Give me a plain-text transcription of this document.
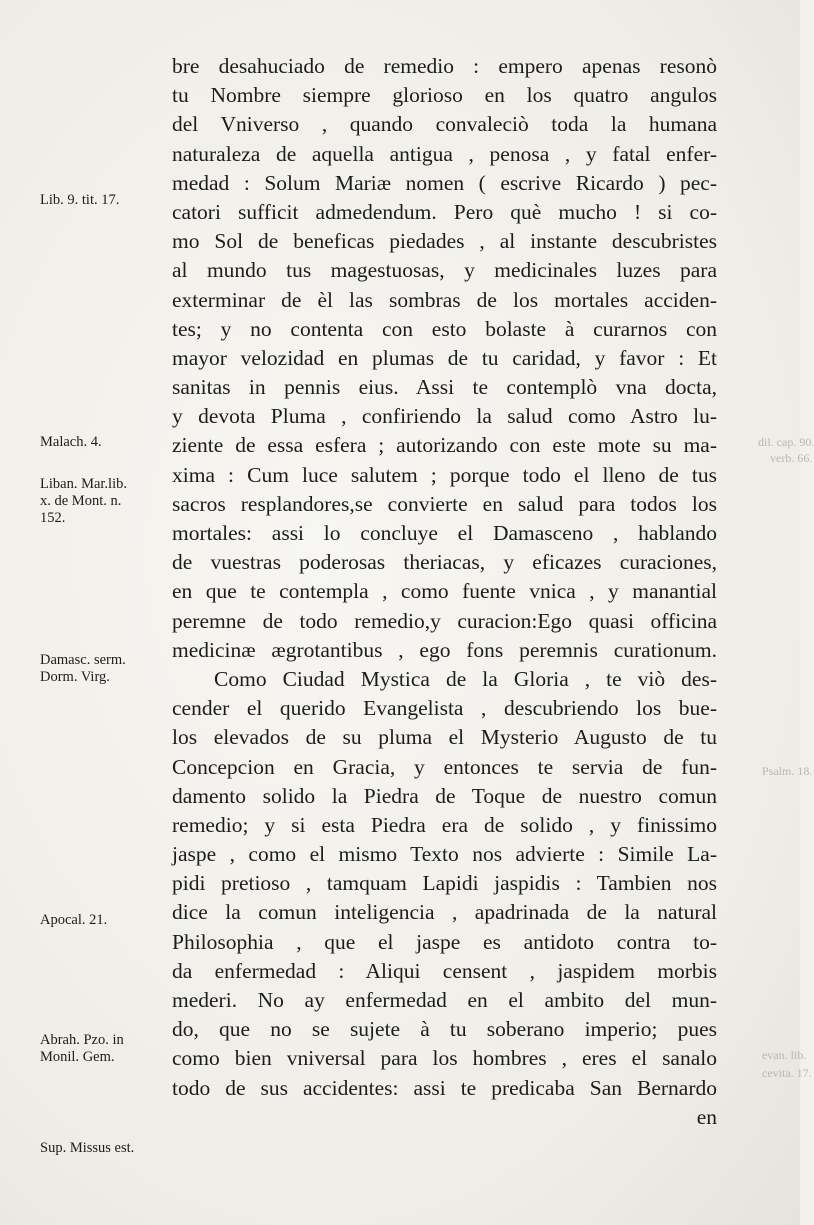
bre desahuciado de remedio : empero apenas resonò
tu Nombre siempre glorioso en los quatro angulos
del Vniverso , quando convaleciò toda la humana
naturaleza de aquella antigua , penosa , y fatal enfer-
medad : Solum Mariæ nomen ( escrive Ricardo ) pec-
catori sufficit admedendum. Pero què mucho ! si co-
mo Sol de beneficas piedades , al instante descubristes
al mundo tus magestuosas, y medicinales luzes para
exterminar de èl las sombras de los mortales acciden-
tes; y no contenta con esto bolaste à curarnos con
mayor velozidad en plumas de tu caridad, y favor : Et
sanitas in pennis eius. Assi te contemplò vna docta,
y devota Pluma , confiriendo la salud como Astro lu-
ziente de essa esfera ; autorizando con este mote su ma-
xima : Cum luce salutem ; porque todo el lleno de tus
sacros resplandores,se convierte en salud para todos los
mortales: assi lo concluye el Damasceno , hablando
de vuestras poderosas theriacas, y eficazes curaciones,
en que te contempla , como fuente vnica , y manantial
peremne de todo remedio,y curacion:Ego quasi officina
medicinæ ægrotantibus , ego fons peremnis curationum.
Como Ciudad Mystica de la Gloria , te viò des-
cender el querido Evangelista , descubriendo los bue-
los elevados de su pluma el Mysterio Augusto de tu
Concepcion en Gracia, y entonces te servia de fun-
damento solido la Piedra de Toque de nuestro comun
remedio; y si esta Piedra era de solido , y finissimo
jaspe , como el mismo Texto nos advierte : Simile La-
pidi pretioso , tamquam Lapidi jaspidis : Tambien nos
dice la comun inteligencia , apadrinada de la natural
Philosophia , que el jaspe es antidoto contra to-
da enfermedad : Aliqui censent , jaspidem morbis
mederi. No ay enfermedad en el ambito del mun-
do, que no se sujete à tu soberano imperio; pues
como bien vniversal para los hombres , eres el sanalo
todo de sus accidentes: assi te predicaba San Bernardo
en
Lib. 9. tit. 17.
Malach. 4.
Liban. Mar.lib.
x. de Mont. n.
152.
Damasc. serm.
Dorm. Virg.
Apocal. 21.
Abrah. Pzo. in
Monil. Gem.
Sup. Missus est.
dil. cap. 90.
verb. 66.
Psalm. 18.
evan. lib.
cevita. 17.
